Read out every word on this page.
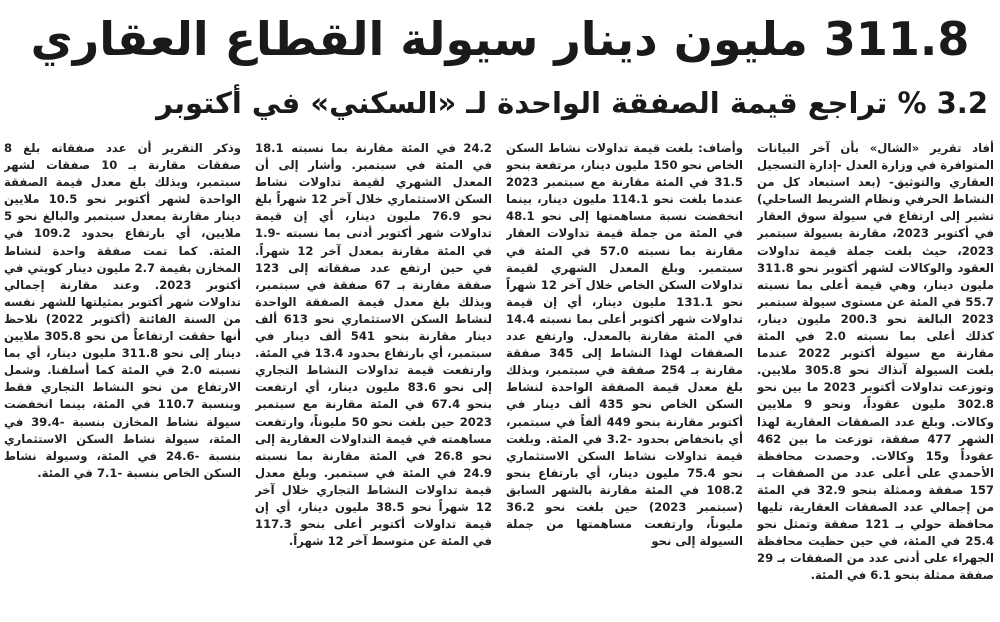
311.8 مليون دينار سيولة القطاع العقاري
3.2 % تراجع قيمة الصفقة الواحدة لـ «السكني» في أكتوبر

أفاد تقرير «الشال» بأن آخر البيانات المتوافرة في وزارة العدل -إدارة التسجيل العقاري والتوثيق- (بعد استبعاد كل من النشاط الحرفي ونظام الشريط الساحلي) تشير إلى ارتفاع في سيولة سوق العقار في أكتوبر 2023، مقارنة بسيولة سبتمبر 2023، حيث بلغت جملة قيمة تداولات العقود والوكالات لشهر أكتوبر نحو 311.8 مليون دينار، وهي قيمة أعلى بما نسبته 55.7 في المئة عن مستوى سيولة سبتمبر 2023 البالغة نحو 200.3 مليون دينار، كذلك أعلى بما نسبته 2.0 في المئة مقارنة مع سيولة أكتوبر 2022 عندما بلغت السيولة آنذاك نحو 305.8 ملايين. وتوزعت تداولات أكتوبر 2023 ما بين نحو 302.8 مليون عقوداً، ونحو 9 ملايين وكالات. وبلغ عدد الصفقات العقارية لهذا الشهر 477 صفقة، توزعت ما بين 462 عقوداً و15 وكالات. وحصدت محافظة الأحمدي على أعلى عدد من الصفقات بـ 157 صفقة وممثلة بنحو 32.9 في المئة من إجمالي عدد الصفقات العقارية، تليها محافظة حولي بـ 121 صفقة وتمثل نحو 25.4 في المئة، في حين حظيت محافظة الجهراء على أدنى عدد من الصفقات بـ 29 صفقة ممثلة بنحو 6.1 في المئة.

وأضاف: بلغت قيمة تداولات نشاط السكن الخاص نحو 150 مليون دينار، مرتفعة بنحو 31.5 في المئة مقارنة مع سبتمبر 2023 عندما بلغت نحو 114.1 مليون دينار، بينما انخفضت نسبة مساهمتها إلى نحو 48.1 في المئة من جملة قيمة تداولات العقار مقارنة بما نسبته 57.0 في المئة في سبتمبر. وبلغ المعدل الشهري لقيمة تداولات السكن الخاص خلال آخر 12 شهراً نحو 131.1 مليون دينار، أي إن قيمة تداولات شهر أكتوبر أعلى بما نسبته 14.4 في المئة مقارنة بالمعدل. وارتفع عدد الصفقات لهذا النشاط إلى 345 صفقة مقارنة بـ 254 صفقة في سبتمبر، وبذلك بلغ معدل قيمة الصفقة الواحدة لنشاط السكن الخاص نحو 435 ألف دينار في أكتوبر مقارنة بنحو 449 ألفاً في سبتمبر، أي بانخفاض بحدود -3.2 في المئة. وبلغت قيمة تداولات نشاط السكن الاستثماري نحو 75.4 مليون دينار، أي بارتفاع بنحو 108.2 في المئة مقارنة بالشهر السابق (سبتمبر 2023) حين بلغت نحو 36.2 مليوناً، وارتفعت مساهمتها من جملة السيولة إلى نحو

24.2 في المئة مقارنة بما نسبته 18.1 في المئة في سبتمبر. وأشار إلى أن المعدل الشهري لقيمة تداولات نشاط السكن الاستثماري خلال آخر 12 شهراً بلغ نحو 76.9 مليون دينار، أي إن قيمة تداولات شهر أكتوبر أدنى بما نسبته -1.9 في المئة مقارنة بمعدل آخر 12 شهراً. في حين ارتفع عدد صفقاته إلى 123 صفقة مقارنة بـ 67 صفقة في سبتمبر، وبذلك بلغ معدل قيمة الصفقة الواحدة لنشاط السكن الاستثماري نحو 613 ألف دينار مقارنة بنحو 541 ألف دينار في سبتمبر، أي بارتفاع بحدود 13.4 في المئة. وارتفعت قيمة تداولات النشاط التجاري إلى نحو 83.6 مليون دينار، أي ارتفعت بنحو 67.4 في المئة مقارنة مع سبتمبر 2023 حين بلغت نحو 50 مليوناً، وارتفعت مساهمته في قيمة التداولات العقارية إلى نحو 26.8 في المئة مقارنة بما نسبته 24.9 في المئة في سبتمبر. وبلغ معدل قيمة تداولات النشاط التجاري خلال آخر 12 شهراً نحو 38.5 مليون دينار، أي إن قيمة تداولات أكتوبر أعلى بنحو 117.3 في المئة عن متوسط آخر 12 شهراً.

وذكر التقرير أن عدد صفقاته بلغ 8 صفقات مقارنة بـ 10 صفقات لشهر سبتمبر، وبذلك بلغ معدل قيمة الصفقة الواحدة لشهر أكتوبر نحو 10.5 ملايين دينار مقارنة بمعدل سبتمبر والبالغ نحو 5 ملايين، أي بارتفاع بحدود 109.2 في المئة. كما تمت صفقة واحدة لنشاط المخازن بقيمة 2.7 مليون دينار كويتي في أكتوبر 2023. وعند مقارنة إجمالي تداولات شهر أكتوبر بمثيلتها للشهر نفسه من السنة الفائتة (أكتوبر 2022) نلاحظ أنها حققت ارتفاعاً من نحو 305.8 ملايين دينار إلى نحو 311.8 مليون دينار، أي بما نسبته 2.0 في المئة كما أسلفنا. وشمل الارتفاع من نحو النشاط التجاري فقط وبنسبة 110.7 في المئة، بينما انخفضت سيولة نشاط المخازن بنسبة -39.4 في المئة، سيولة نشاط السكن الاستثماري بنسبة -24.6 في المئة، وسيولة نشاط السكن الخاص بنسبة -7.1 في المئة.
